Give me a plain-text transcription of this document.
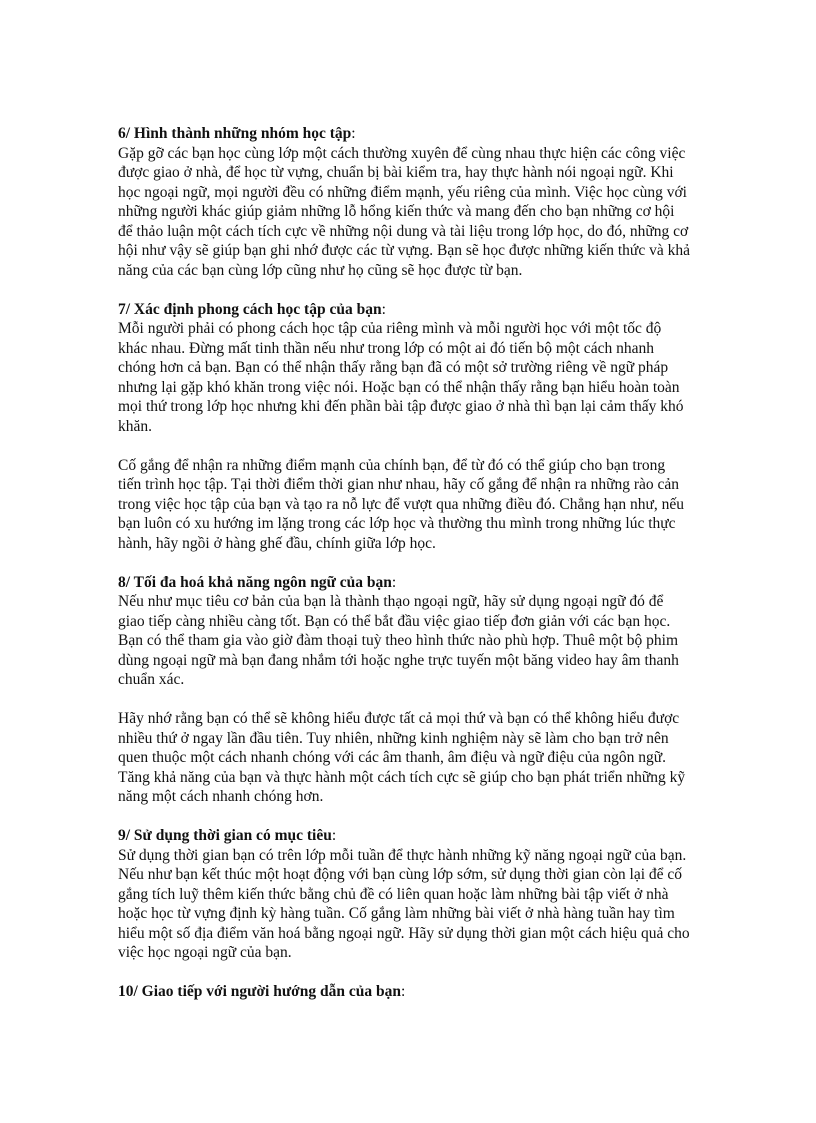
6/ Hình thành những nhóm học tập:

Gặp gỡ các bạn học cùng lớp một cách thường xuyên để cùng nhau thực hiện các công việc được giao ở nhà, để học từ vựng, chuẩn bị bài kiểm tra, hay thực hành nói ngoại ngữ. Khi học ngoại ngữ, mọi người đều có những điểm mạnh, yếu riêng của mình. Việc học cùng với những người khác giúp giảm những lỗ hổng kiến thức và mang đến cho bạn những cơ hội để thảo luận một cách tích cực về những nội dung và tài liệu trong lớp học, do đó, những cơ hội như vậy sẽ giúp bạn ghi nhớ được các từ vựng. Bạn sẽ học được những kiến thức và khả năng của các bạn cùng lớp cũng như họ cũng sẽ học được từ bạn.

7/ Xác định phong cách học tập của bạn:

Mỗi người phải có phong cách học tập của riêng mình và mỗi người học với một tốc độ khác nhau. Đừng mất tinh thần nếu như trong lớp có một ai đó tiến bộ một cách nhanh chóng hơn cả bạn. Bạn có thể nhận thấy rằng bạn đã có một sở trường riêng về ngữ pháp nhưng lại gặp khó khăn trong việc nói. Hoặc bạn có thể nhận thấy rằng bạn hiểu hoàn toàn mọi thứ trong lớp học nhưng khi đến phần bài tập được giao ở nhà thì bạn lại cảm thấy khó khăn.

Cố gắng để nhận ra những điểm mạnh của chính bạn, để từ đó có thể giúp cho bạn trong tiến trình học tập. Tại thời điểm thời gian như nhau, hãy cố gắng để nhận ra những rào cản trong việc học tập của bạn và tạo ra nỗ lực để vượt qua những điều đó. Chẳng hạn như, nếu bạn luôn có xu hướng im lặng trong các lớp học và thường thu mình trong những lúc thực hành, hãy ngồi ở hàng ghế đầu, chính giữa lớp học.

8/ Tối đa hoá khả năng ngôn ngữ của bạn:

Nếu như mục tiêu cơ bản của bạn là thành thạo ngoại ngữ, hãy sử dụng ngoại ngữ đó để giao tiếp càng nhiều càng tốt. Bạn có thể bắt đầu việc giao tiếp đơn giản với các bạn học. Bạn có thể tham gia vào giờ đàm thoại tuỳ theo hình thức nào phù hợp. Thuê một bộ phim dùng ngoại ngữ mà bạn đang nhắm tới hoặc nghe trực tuyến một băng video hay âm thanh chuẩn xác.

Hãy nhớ rằng bạn có thể sẽ không hiểu được tất cả mọi thứ và bạn có thể không hiểu được nhiều thứ ở ngay lần đầu tiên. Tuy nhiên, những kinh nghiệm này sẽ làm cho bạn trở nên quen thuộc một cách nhanh chóng với các âm thanh, âm điệu và ngữ điệu của ngôn ngữ. Tăng khả năng của bạn và thực hành một cách tích cực sẽ giúp cho bạn phát triển những kỹ năng một cách nhanh chóng hơn.

9/ Sử dụng thời gian có mục tiêu:

Sử dụng thời gian bạn có trên lớp mỗi tuần để thực hành những kỹ năng ngoại ngữ của bạn. Nếu như bạn kết thúc một hoạt động với bạn cùng lớp sớm, sử dụng thời gian còn lại để cố gắng tích luỹ thêm kiến thức bằng chủ đề có liên quan hoặc làm những bài tập viết ở nhà hoặc học từ vựng định kỳ hàng tuần. Cố gắng làm những bài viết ở nhà hàng tuần hay tìm hiểu một số địa điểm văn hoá bằng ngoại ngữ. Hãy sử dụng thời gian một cách hiệu quả cho việc học ngoại ngữ của bạn.

10/ Giao tiếp với người hướng dẫn của bạn:
